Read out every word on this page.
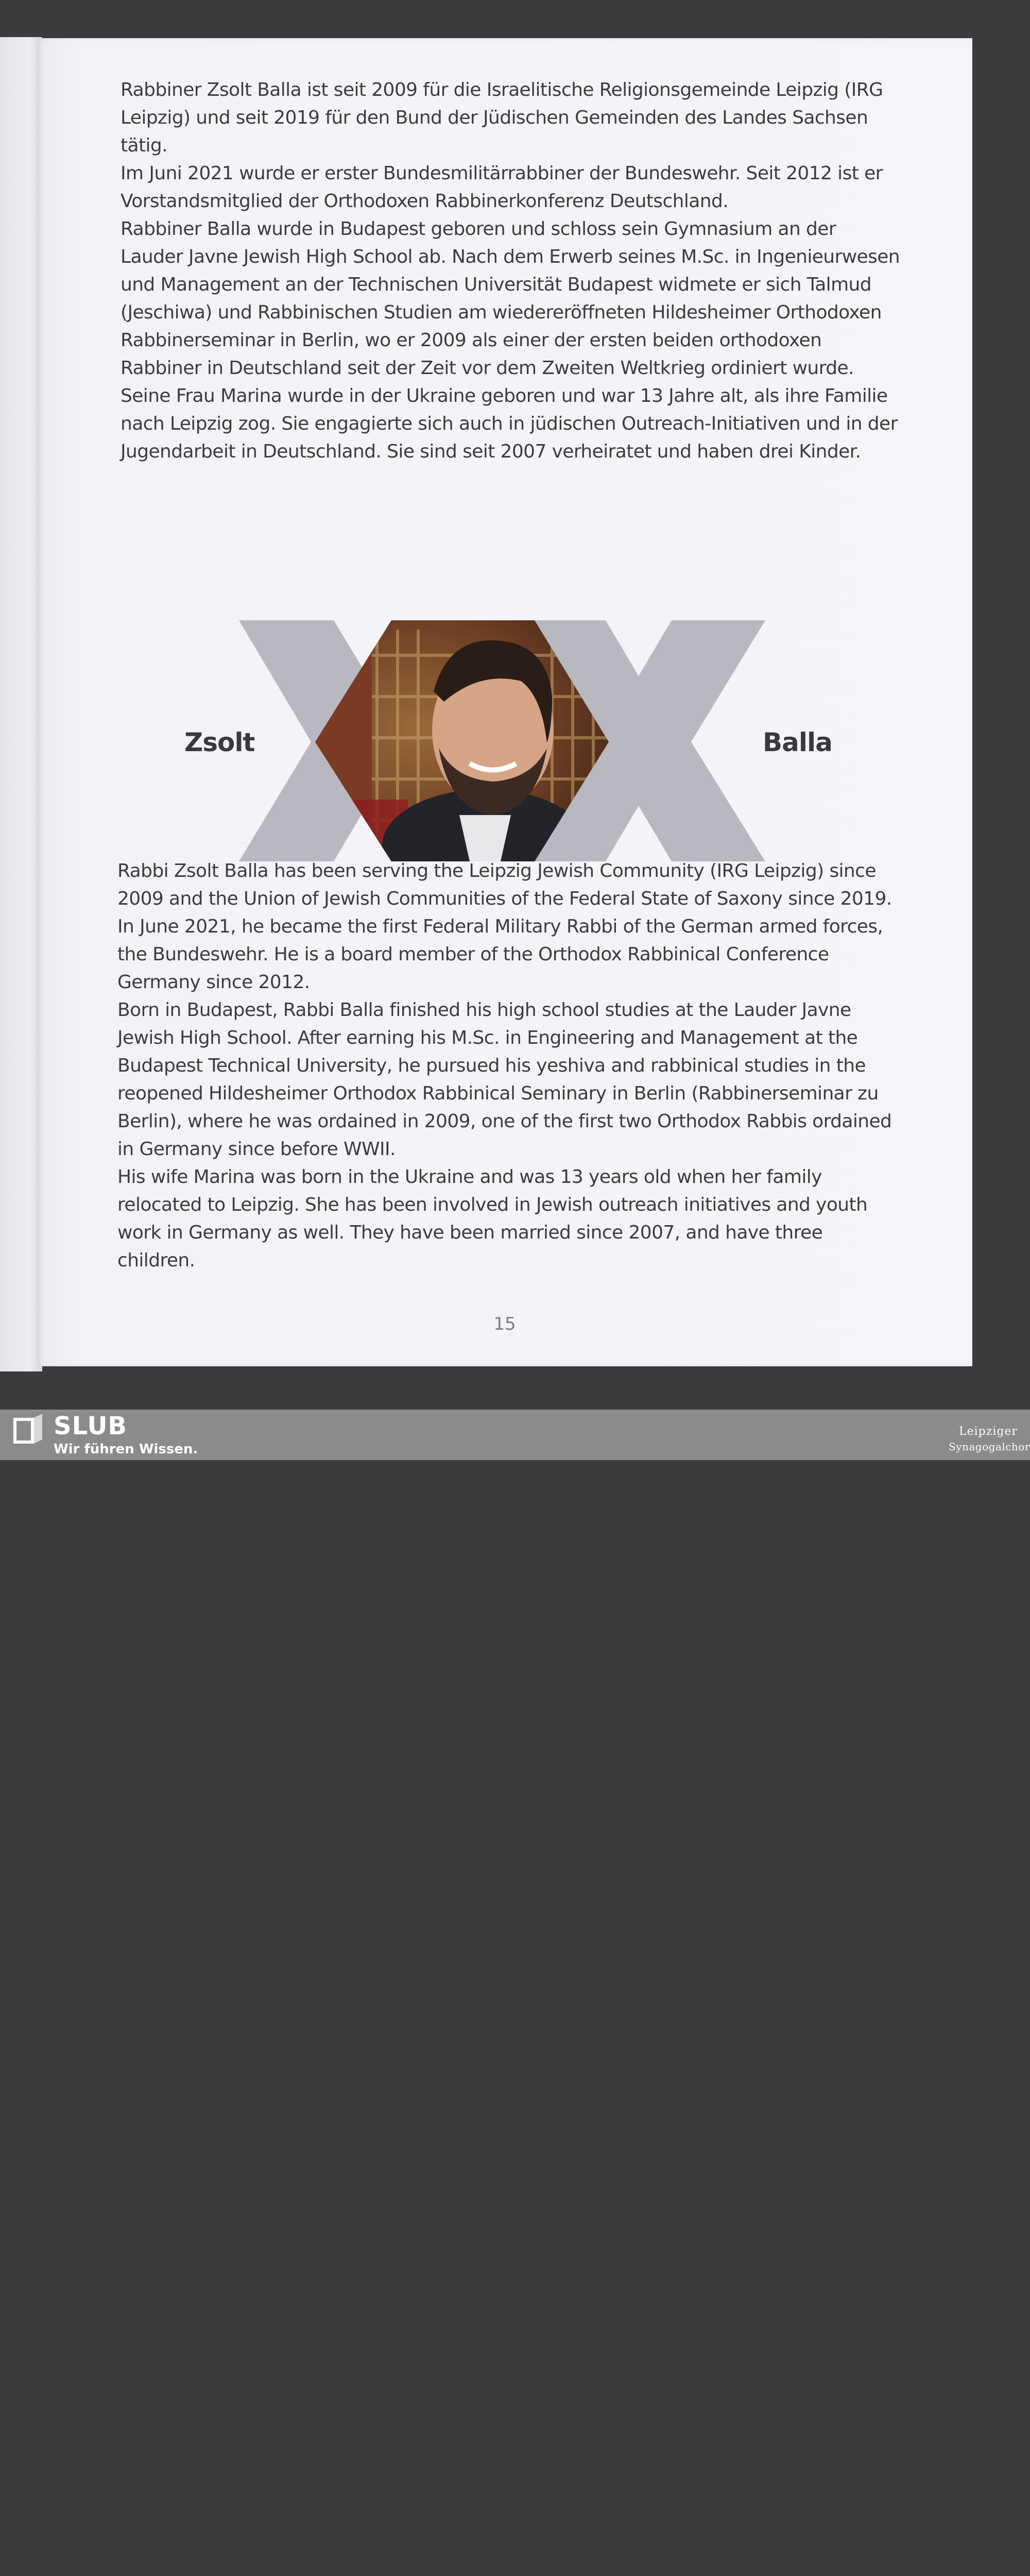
Rabbiner Zsolt Balla ist seit 2009 für die Israelitische Religionsgemeinde Leipzig (IRG Leipzig) und seit 2019 für den Bund der Jüdischen Gemeinden des Landes Sachsen tätig.

Im Juni 2021 wurde er erster Bundesmilitärrabbiner der Bundeswehr. Seit 2012 ist er Vorstandsmitglied der Orthodoxen Rabbinerkonferenz Deutschland.

Rabbiner Balla wurde in Budapest geboren und schloss sein Gymnasium an der Lauder Javne Jewish High School ab. Nach dem Erwerb seines M.Sc. in Ingenieurwesen und Management an der Technischen Universität Budapest widmete er sich Talmud (Jeschiwa) und Rabbinischen Studien am wiedereröffneten Hildesheimer Orthodoxen Rabbinerseminar in Berlin, wo er 2009 als einer der ersten beiden orthodoxen Rabbiner in Deutschland seit der Zeit vor dem Zweiten Weltkrieg ordiniert wurde.

Seine Frau Marina wurde in der Ukraine geboren und war 13 Jahre alt, als ihre Familie nach Leipzig zog. Sie engagierte sich auch in jüdischen Outreach-Initiativen und in der Jugendarbeit in Deutschland. Sie sind seit 2007 verheiratet und haben drei Kinder.

Zsolt	Balla

Rabbi Zsolt Balla has been serving the Leipzig Jewish Community (IRG Leipzig) since 2009 and the Union of Jewish Communities of the Federal State of Saxony since 2019. In June 2021, he became the first Federal Military Rabbi of the German armed forces, the Bundeswehr. He is a board member of the Orthodox Rabbinical Conference Germany since 2012.

Born in Budapest, Rabbi Balla finished his high school studies at the Lauder Javne Jewish High School. After earning his M.Sc. in Engineering and Management at the Budapest Technical University, he pursued his yeshiva and rabbinical studies in the reopened Hildesheimer Orthodox Rabbinical Seminary in Berlin (Rabbinerseminar zu Berlin), where he was ordained in 2009, one of the first two Orthodox Rabbis ordained in Germany since before WWII.

His wife Marina was born in the Ukraine and was 13 years old when her family relocated to Leipzig. She has been involved in Jewish outreach initiatives and youth work in Germany as well. They have been married since 2007, and have three children.

15
SLUB
Wir führen Wissen.
Leipziger
Synagogalchor
